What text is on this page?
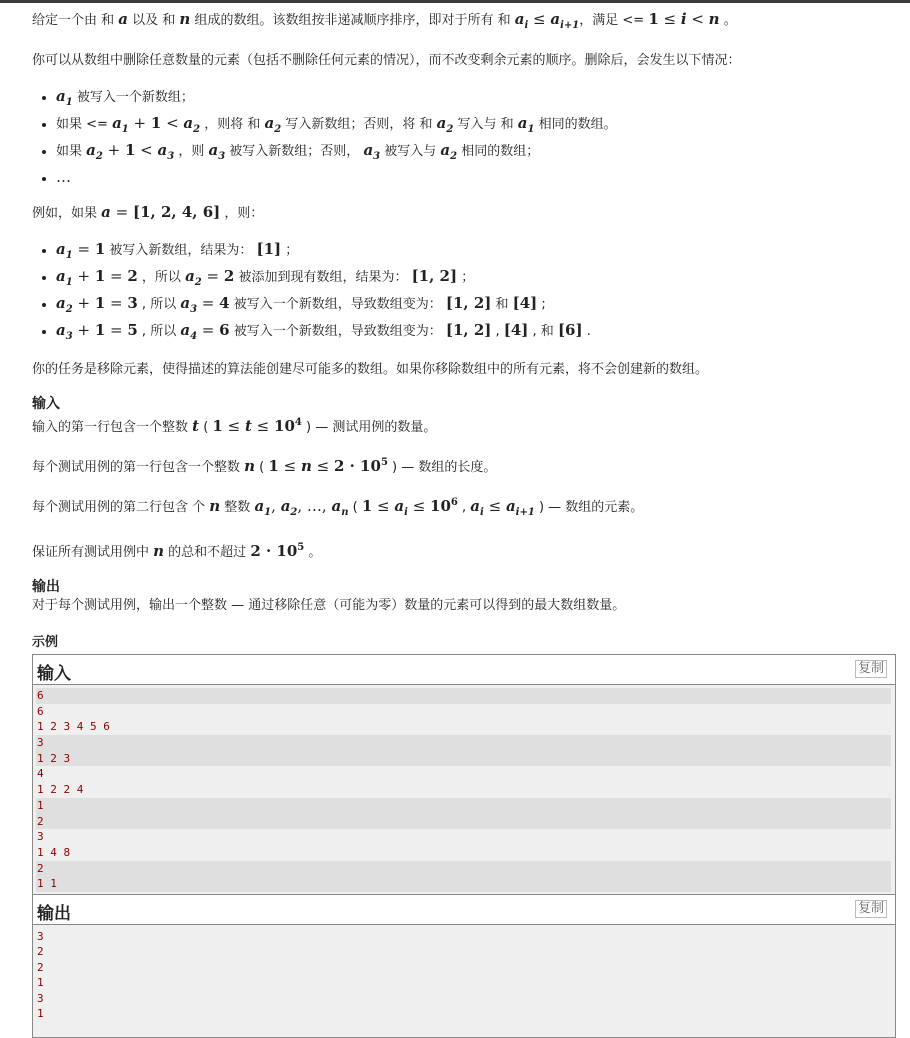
给定一个由 和 a 以及 和 n 组成的数组。该数组按非递减顺序排序，即对于所有 和 $a_i \le a_{i+1}$，满足 <= 1 ≤ i < n 。

你可以从数组中删除任意数量的元素（包括不删除任何元素的情况），而不改变剩余元素的顺序。删除后，会发生以下情况：

• $a_1$ 被写入一个新数组；
• 如果 <= $a_1 + 1 < a_2$ ，则将 和 $a_2$ 写入新数组；否则，将 和 $a_2$ 写入与 和 $a_1$ 相同的数组。
• 如果 $a_2 + 1 < a_3$ ，则 $a_3$ 被写入新数组；否则， $a_3$ 被写入与 $a_2$ 相同的数组；
• …

例如，如果 a = [1, 2, 4, 6] ，则：

• $a_1 = 1$ 被写入新数组，结果为： [1] ；
• $a_1 + 1 = 2$ ，所以 $a_2 = 2$ 被添加到现有数组，结果为： [1, 2] ；
• $a_2 + 1 = 3$ , 所以 $a_3 = 4$ 被写入一个新数组，导致数组变为： [1, 2] 和 [4] ;
• $a_3 + 1 = 5$ , 所以 $a_4 = 6$ 被写入一个新数组，导致数组变为： [1, 2] , [4] , 和 [6] .

你的任务是移除元素，使得描述的算法能创建尽可能多的数组。如果你移除数组中的所有元素，将不会创建新的数组。

输入

输入的第一行包含一个整数 t ( $1 \le t \le 10^4$ ) — 测试用例的数量。

每个测试用例的第一行包含一个整数 n ( $1 \le n \le 2 \cdot 10^5$ ) — 数组的长度。

每个测试用例的第二行包含 个 n 整数 $a_1$, $a_2$, …, $a_n$ ( $1 \le a_i \le 10^6$ , $a_i \le a_{i+1}$ ) — 数组的元素。

保证所有测试用例中 n 的总和不超过 $2 \cdot 10^5$ 。

输出

对于每个测试用例，输出一个整数 — 通过移除任意（可能为零）数量的元素可以得到的最大数组数量。

示例
输入	复制
6
6
1 2 3 4 5 6
3
1 2 3
4
1 2 2 4
1
2
3
1 4 8
2
1 1
输出	复制
3
2
2
1
3
1
